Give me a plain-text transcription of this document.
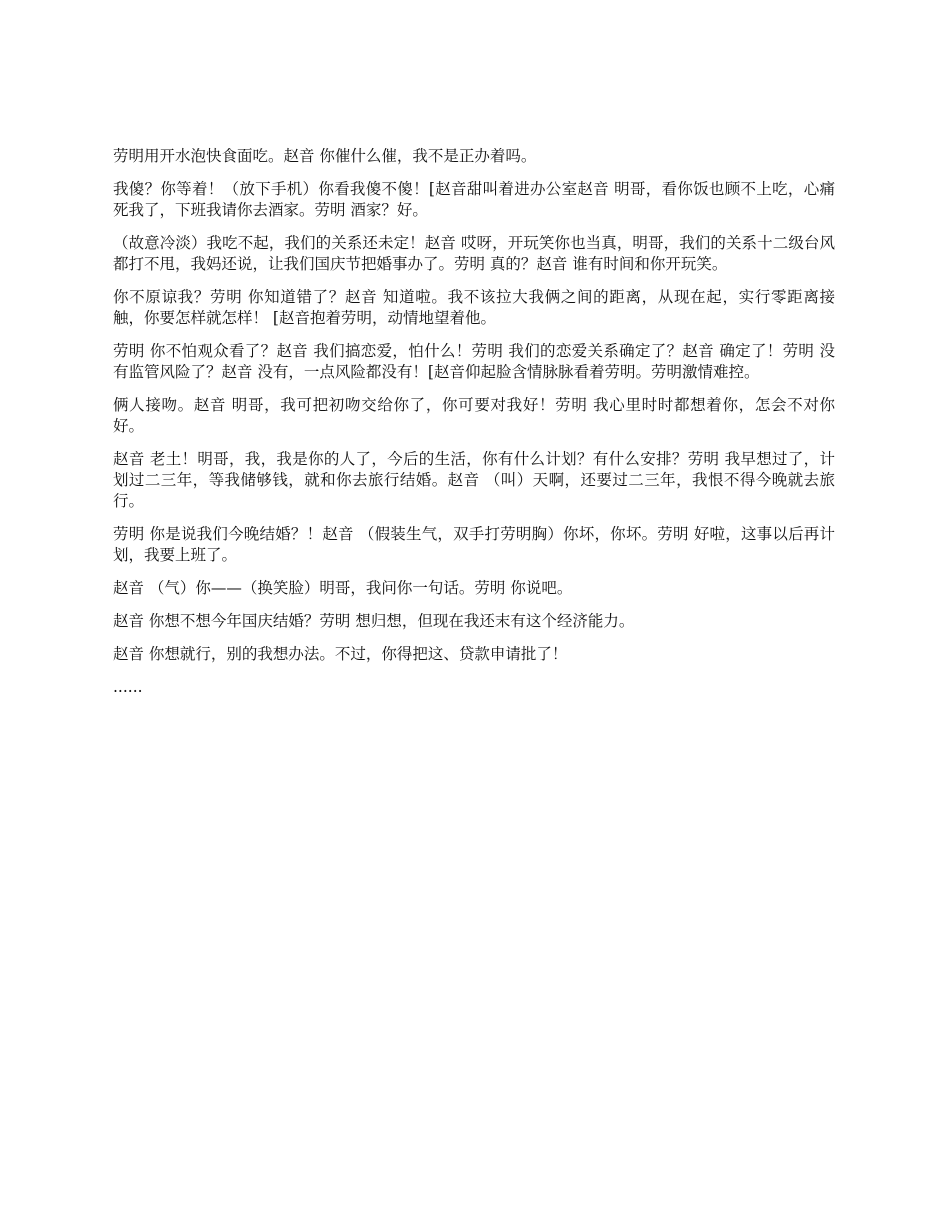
劳明用开水泡快食面吃。赵音 你催什么催，我不是正办着吗。

我傻？你等着！（放下手机）你看我傻不傻！[赵音甜叫着进办公室赵音 明哥，看你饭也顾不上吃，心痛死我了，下班我请你去酒家。劳明 酒家？好。

（故意冷淡）我吃不起，我们的关系还未定！赵音 哎呀，开玩笑你也当真，明哥，我们的关系十二级台风都打不甩，我妈还说，让我们国庆节把婚事办了。劳明 真的？赵音 谁有时间和你开玩笑。

你不原谅我？劳明 你知道错了？赵音 知道啦。我不该拉大我俩之间的距离，从现在起，实行零距离接触，你要怎样就怎样！ [赵音抱着劳明，动情地望着他。

劳明 你不怕观众看了？赵音 我们搞恋爱，怕什么！劳明 我们的恋爱关系确定了？赵音 确定了！劳明 没有监管风险了？赵音 没有，一点风险都没有！[赵音仰起脸含情脉脉看着劳明。劳明激情难控。

俩人接吻。赵音 明哥，我可把初吻交给你了，你可要对我好！劳明 我心里时时都想着你，怎会不对你好。

赵音 老土！明哥，我，我是你的人了，今后的生活，你有什么计划？有什么安排？劳明 我早想过了，计划过二三年，等我储够钱，就和你去旅行结婚。赵音 （叫）天啊，还要过二三年，我恨不得今晚就去旅行。

劳明 你是说我们今晚结婚？！赵音 （假装生气，双手打劳明胸）你坏，你坏。劳明 好啦，这事以后再计划，我要上班了。

赵音 （气）你——（换笑脸）明哥，我问你一句话。劳明 你说吧。

赵音 你想不想今年国庆结婚？劳明 想归想，但现在我还末有这个经济能力。

赵音 你想就行，别的我想办法。不过，你得把这、贷款申请批了！

......
